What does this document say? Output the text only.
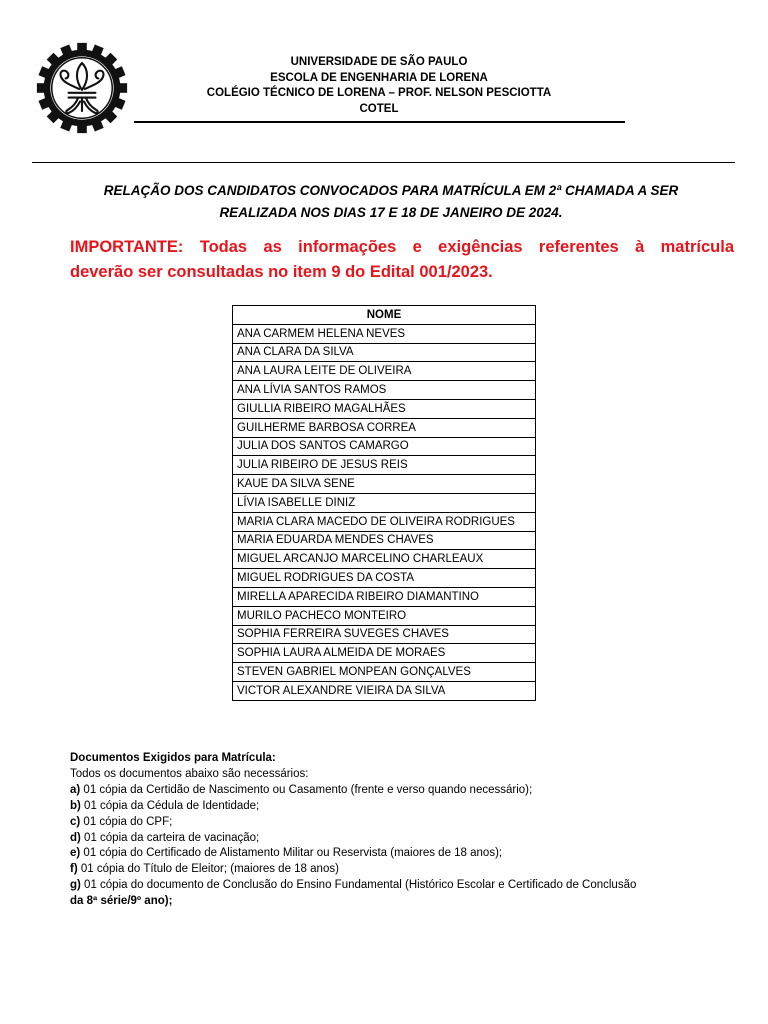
UNIVERSIDADE DE SÃO PAULO
ESCOLA DE ENGENHARIA DE LORENA
COLÉGIO TÉCNICO DE LORENA – PROF. NELSON PESCIOTTA
COTEL
RELAÇÃO DOS CANDIDATOS CONVOCADOS PARA MATRÍCULA EM 2ª CHAMADA A SER
REALIZADA NOS DIAS 17 E 18 DE JANEIRO DE 2024.
IMPORTANTE: Todas as informações e exigências referentes à matrícula
deverão ser consultadas no item 9 do Edital 001/2023.
NOME
ANA CARMEM HELENA NEVES
ANA CLARA DA SILVA
ANA LAURA LEITE DE OLIVEIRA
ANA LÍVIA SANTOS RAMOS
GIULLIA RIBEIRO MAGALHÃES
GUILHERME BARBOSA CORREA
JULIA DOS SANTOS CAMARGO
JULIA RIBEIRO DE JESUS REIS
KAUE DA SILVA SENE
LÍVIA ISABELLE DINIZ
MARIA CLARA MACEDO DE OLIVEIRA RODRIGUES
MARIA EDUARDA MENDES CHAVES
MIGUEL ARCANJO MARCELINO CHARLEAUX
MIGUEL RODRIGUES DA COSTA
MIRELLA APARECIDA RIBEIRO DIAMANTINO
MURILO PACHECO MONTEIRO
SOPHIA FERREIRA SUVEGES CHAVES
SOPHIA LAURA ALMEIDA DE MORAES
STEVEN GABRIEL MONPEAN GONÇALVES
VICTOR ALEXANDRE VIEIRA DA SILVA
Documentos Exigidos para Matrícula:
Todos os documentos abaixo são necessários:
a) 01 cópia da Certidão de Nascimento ou Casamento (frente e verso quando necessário);
b) 01 cópia da Cédula de Identidade;
c) 01 cópia do CPF;
d) 01 cópia da carteira de vacinação;
e) 01 cópia do Certificado de Alistamento Militar ou Reservista (maiores de 18 anos);
f) 01 cópia do Título de Eleitor; (maiores de 18 anos)
g) 01 cópia do documento de Conclusão do Ensino Fundamental (Histórico Escolar e Certificado de Conclusão
da 8ª série/9º ano);
